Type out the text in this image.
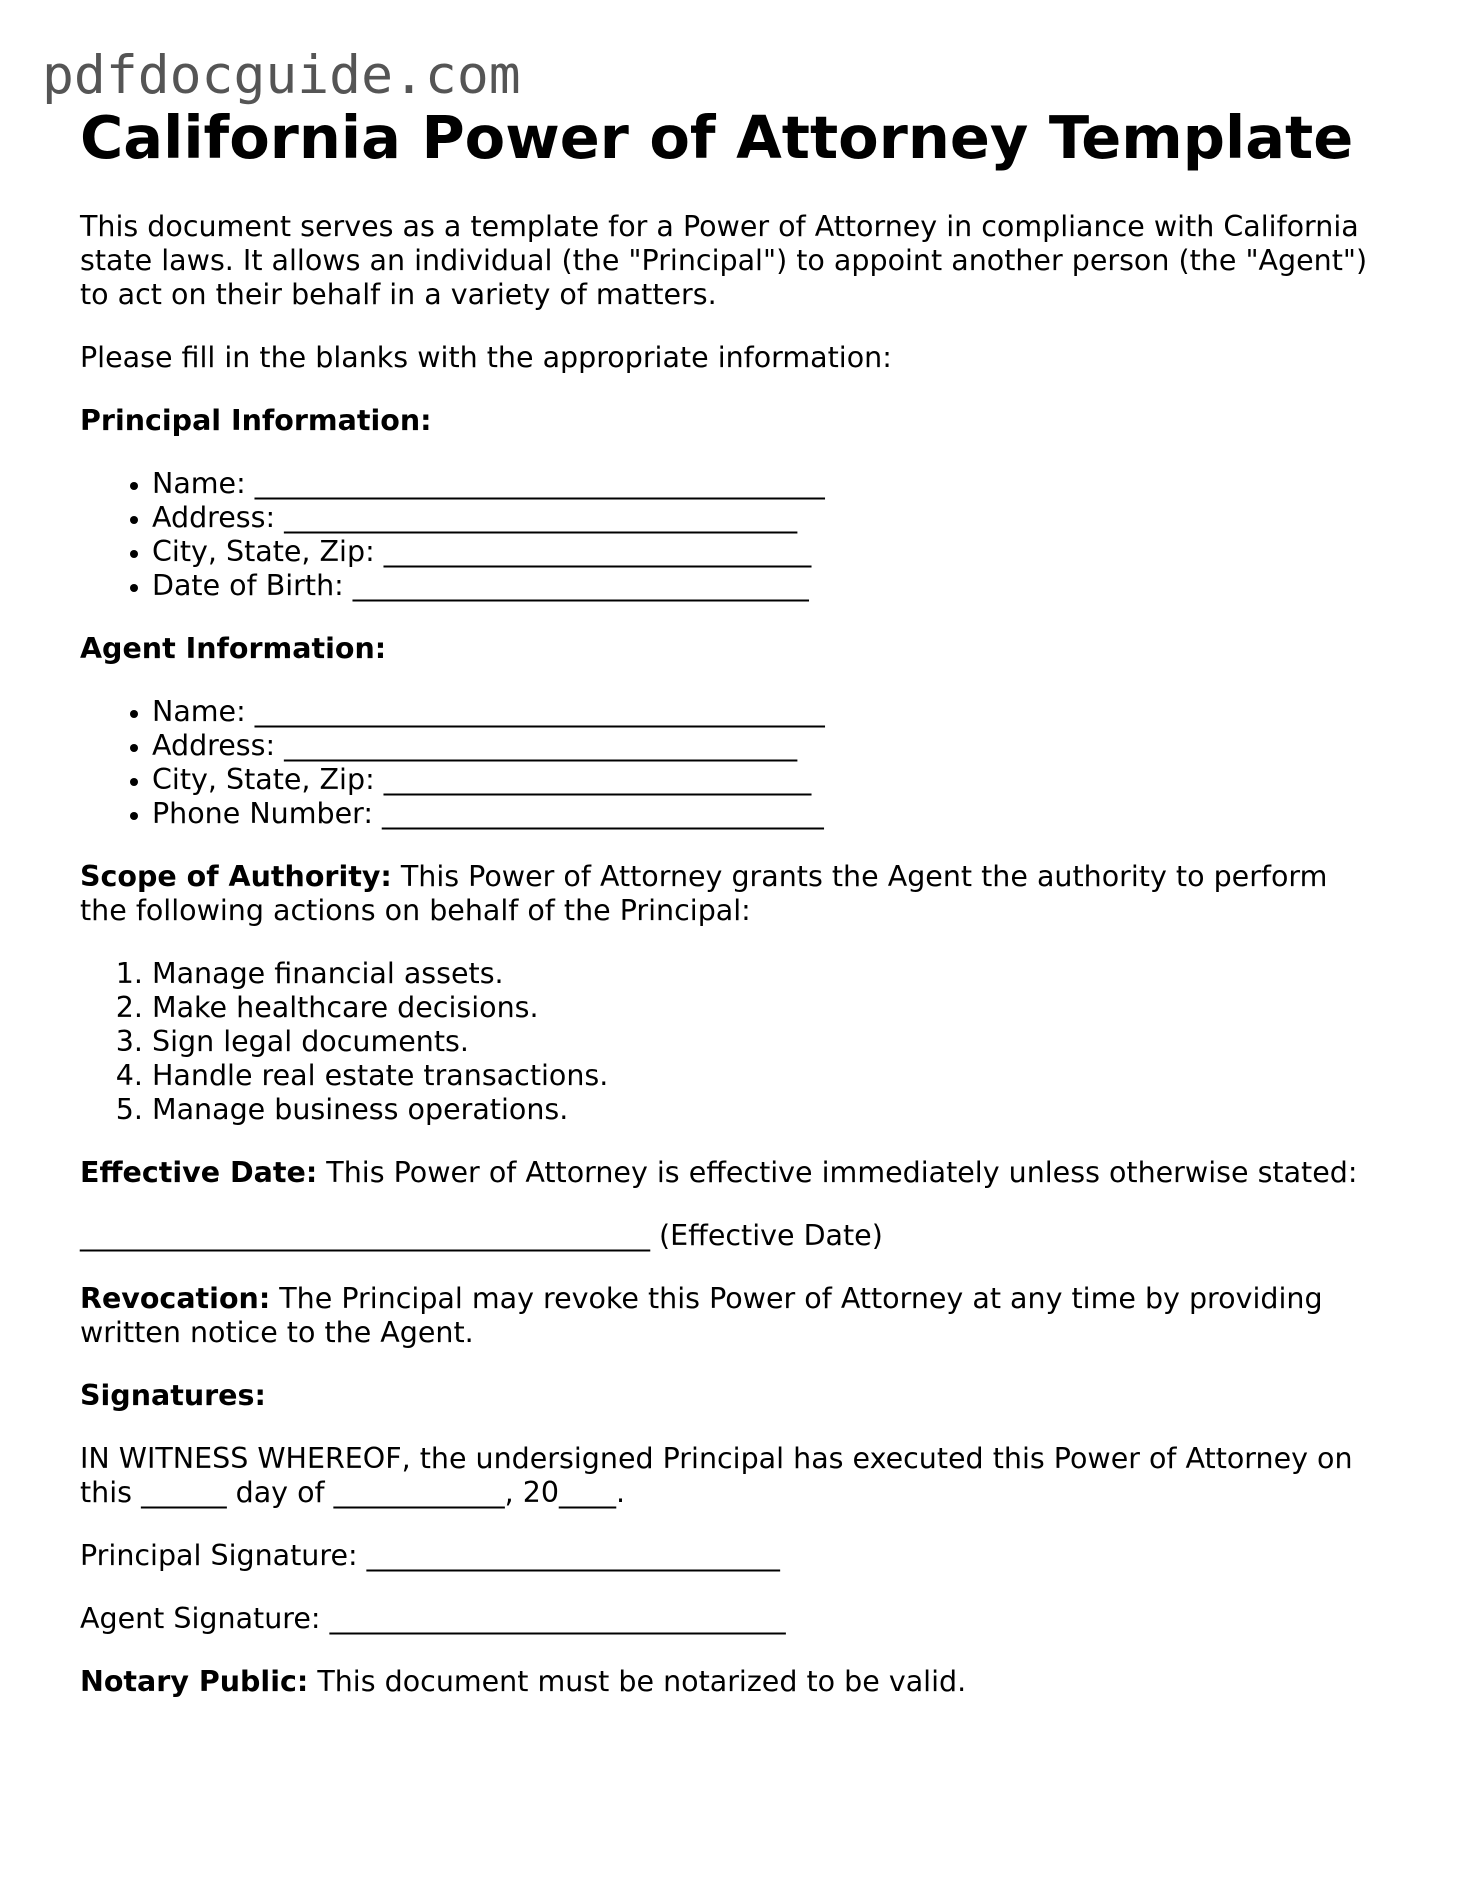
pdfdocguide.com
California Power of Attorney Template

This document serves as a template for a Power of Attorney in compliance with California state laws. It allows an individual (the "Principal") to appoint another person (the "Agent") to act on their behalf in a variety of matters.

Please fill in the blanks with the appropriate information:

Principal Information:

• Name: ________________________________________
• Address: ____________________________________
• City, State, Zip: ______________________________
• Date of Birth: ________________________________

Agent Information:

• Name: ________________________________________
• Address: ____________________________________
• City, State, Zip: ______________________________
• Phone Number: _______________________________

Scope of Authority: This Power of Attorney grants the Agent the authority to perform the following actions on behalf of the Principal:

1. Manage financial assets.
2. Make healthcare decisions.
3. Sign legal documents.
4. Handle real estate transactions.
5. Manage business operations.

Effective Date: This Power of Attorney is effective immediately unless otherwise stated:

________________________________________ (Effective Date)

Revocation: The Principal may revoke this Power of Attorney at any time by providing written notice to the Agent.

Signatures:

IN WITNESS WHEREOF, the undersigned Principal has executed this Power of Attorney on this ______ day of ____________, 20____.

Principal Signature: _____________________________

Agent Signature: ________________________________

Notary Public: This document must be notarized to be valid.
